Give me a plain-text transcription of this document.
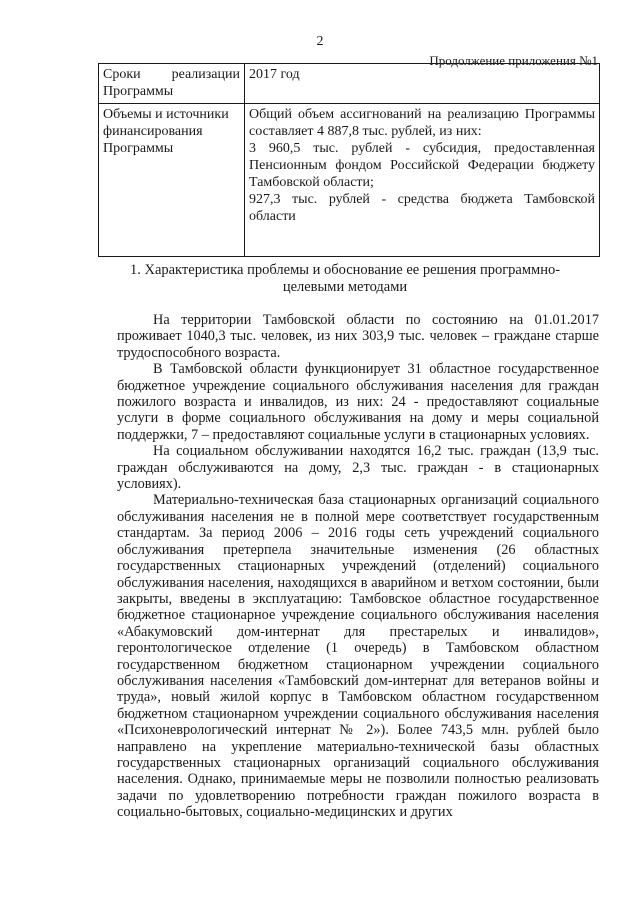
2
Продолжение приложения №1
Сроки реализации Программы	2017 год

Объемы и источники финансирования Программы	Общий объем ассигнований на реализацию Программы составляет 4 887,8 тыс. рублей, из них:
3 960,5 тыс. рублей - субсидия, предоставленная Пенсионным фондом Российской Федерации бюджету Тамбовской области;
927,3 тыс. рублей - средства бюджета Тамбовской области
1. Характеристика проблемы и обоснование ее решения программно-целевыми методами

На территории Тамбовской области по состоянию на 01.01.2017 проживает 1040,3 тыс. человек, из них 303,9 тыс. человек – граждане старше трудоспособного возраста.

В Тамбовской области функционирует 31 областное государственное бюджетное учреждение социального обслуживания населения для граждан пожилого возраста и инвалидов, из них: 24 - предоставляют социальные услуги в форме социального обслуживания на дому и меры социальной поддержки, 7 – предоставляют социальные услуги в стационарных условиях.

На социальном обслуживании находятся 16,2 тыс. граждан (13,9 тыс. граждан обслуживаются на дому, 2,3 тыс. граждан - в стационарных условиях).

Материально-техническая база стационарных организаций социального обслуживания населения не в полной мере соответствует государственным стандартам. За период 2006 – 2016 годы сеть учреждений социального обслуживания претерпела значительные изменения (26 областных государственных стационарных учреждений (отделений) социального обслуживания населения, находящихся в аварийном и ветхом состоянии, были закрыты, введены в эксплуатацию: Тамбовское областное государственное бюджетное стационарное учреждение социального обслуживания населения «Абакумовский дом-интернат для престарелых и инвалидов», геронтологическое отделение (1 очередь) в Тамбовском областном государственном бюджетном стационарном учреждении социального обслуживания населения «Тамбовский дом-интернат для ветеранов войны и труда», новый жилой корпус в Тамбовском областном государственном бюджетном стационарном учреждении социального обслуживания населения «Психоневрологический интернат № 2»). Более 743,5 млн. рублей было направлено на укрепление материально-технической базы областных государственных стационарных организаций социального обслуживания населения. Однако, принимаемые меры не позволили полностью реализовать задачи по удовлетворению потребности граждан пожилого возраста в социально-бытовых, социально-медицинских и других
